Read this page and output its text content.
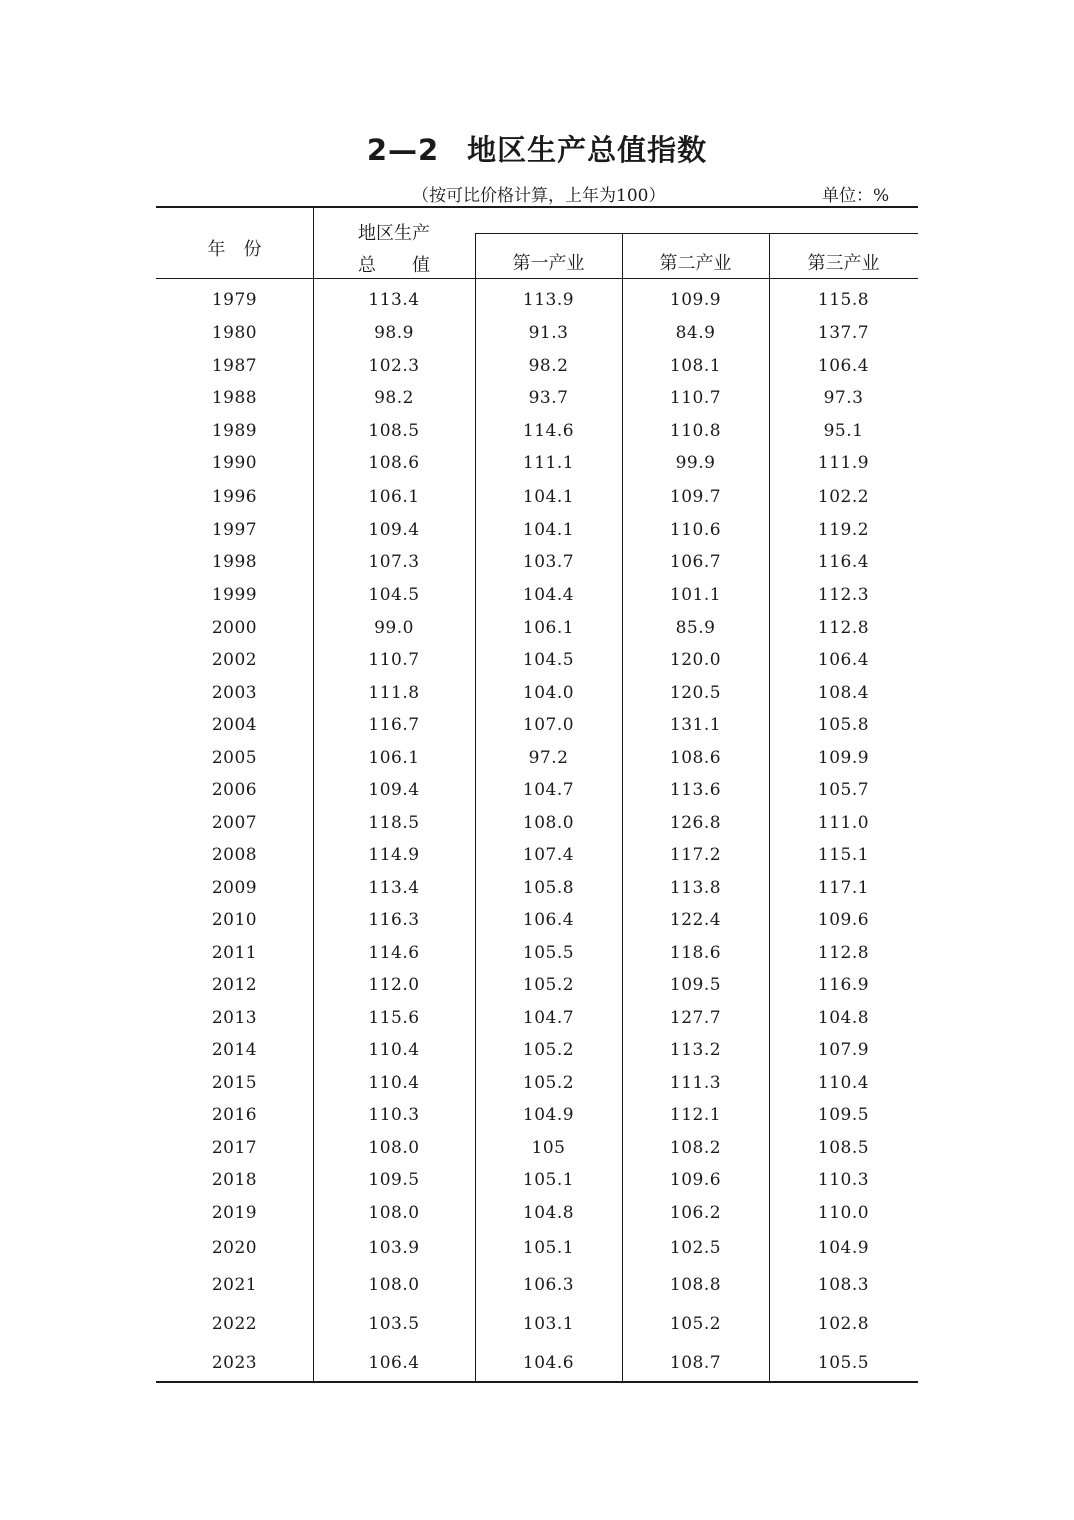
2—2 地区生产总值指数
（按可比价格计算，上年为100）	单位：%
年　份
地区生产
总　　值	第一产业	第二产业	第三产业
1979	113.4	113.9	109.9	115.8
1980	98.9	91.3	84.9	137.7
1987	102.3	98.2	108.1	106.4
1988	98.2	93.7	110.7	97.3
1989	108.5	114.6	110.8	95.1
1990	108.6	111.1	99.9	111.9
1996	106.1	104.1	109.7	102.2
1997	109.4	104.1	110.6	119.2
1998	107.3	103.7	106.7	116.4
1999	104.5	104.4	101.1	112.3
2000	99.0	106.1	85.9	112.8
2002	110.7	104.5	120.0	106.4
2003	111.8	104.0	120.5	108.4
2004	116.7	107.0	131.1	105.8
2005	106.1	97.2	108.6	109.9
2006	109.4	104.7	113.6	105.7
2007	118.5	108.0	126.8	111.0
2008	114.9	107.4	117.2	115.1
2009	113.4	105.8	113.8	117.1
2010	116.3	106.4	122.4	109.6
2011	114.6	105.5	118.6	112.8
2012	112.0	105.2	109.5	116.9
2013	115.6	104.7	127.7	104.8
2014	110.4	105.2	113.2	107.9
2015	110.4	105.2	111.3	110.4
2016	110.3	104.9	112.1	109.5
2017	108.0	105	108.2	108.5
2018	109.5	105.1	109.6	110.3
2019	108.0	104.8	106.2	110.0
2020	103.9	105.1	102.5	104.9
2021	108.0	106.3	108.8	108.3
2022	103.5	103.1	105.2	102.8
2023	106.4	104.6	108.7	105.5
